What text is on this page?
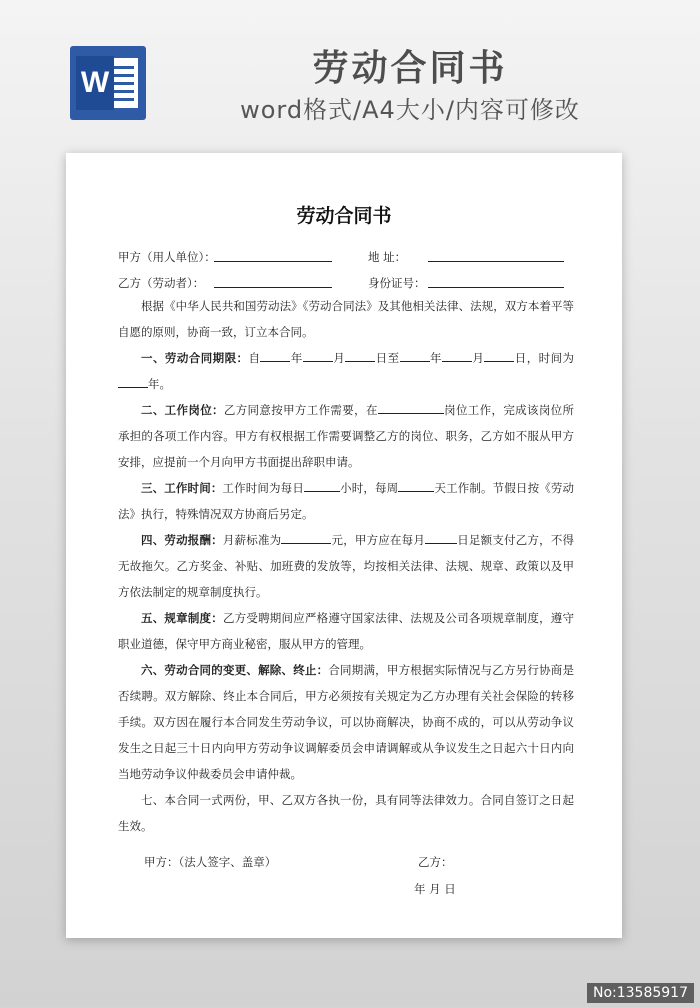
W	劳动合同书
word格式/A4大小/内容可修改
劳动合同书
甲方（用人单位）：	地 址：
乙方（劳动者）：	身份证号：
根据《中华人民共和国劳动法》《劳动合同法》及其他相关法律、法规，双方本着平等自愿的原则，协商一致，订立本合同。
一、劳动合同期限：自	年	月	日至	年	月	日，时间为年。
二、工作岗位：乙方同意按甲方工作需要，在	岗位工作，完成该岗位所承担的各项工作内容。甲方有权根据工作需要调整乙方的岗位、职务，乙方如不服从甲方安排，应提前一个月向甲方书面提出辞职申请。
三、工作时间：工作时间为每日	小时，每周	天工作制。节假日按《劳动法》执行，特殊情况双方协商后另定。
四、劳动报酬：月薪标准为	元，甲方应在每月	日足额支付乙方，不得无故拖欠。乙方奖金、补贴、加班费的发放等，均按相关法律、法规、规章、政策以及甲方依法制定的规章制度执行。
五、规章制度：乙方受聘期间应严格遵守国家法律、法规及公司各项规章制度，遵守职业道德，保守甲方商业秘密，服从甲方的管理。
六、劳动合同的变更、解除、终止：合同期满，甲方根据实际情况与乙方另行协商是否续聘。双方解除、终止本合同后，甲方必须按有关规定为乙方办理有关社会保险的转移手续。双方因在履行本合同发生劳动争议，可以协商解决，协商不成的，可以从劳动争议发生之日起三十日内向甲方劳动争议调解委员会申请调解或从争议发生之日起六十日内向当地劳动争议仲裁委员会申请仲裁。
七、本合同一式两份，甲、乙双方各执一份，具有同等法律效力。合同自签订之日起生效。
甲方：（法人签字、盖章）	乙方：
年 月 日
No:13585917
